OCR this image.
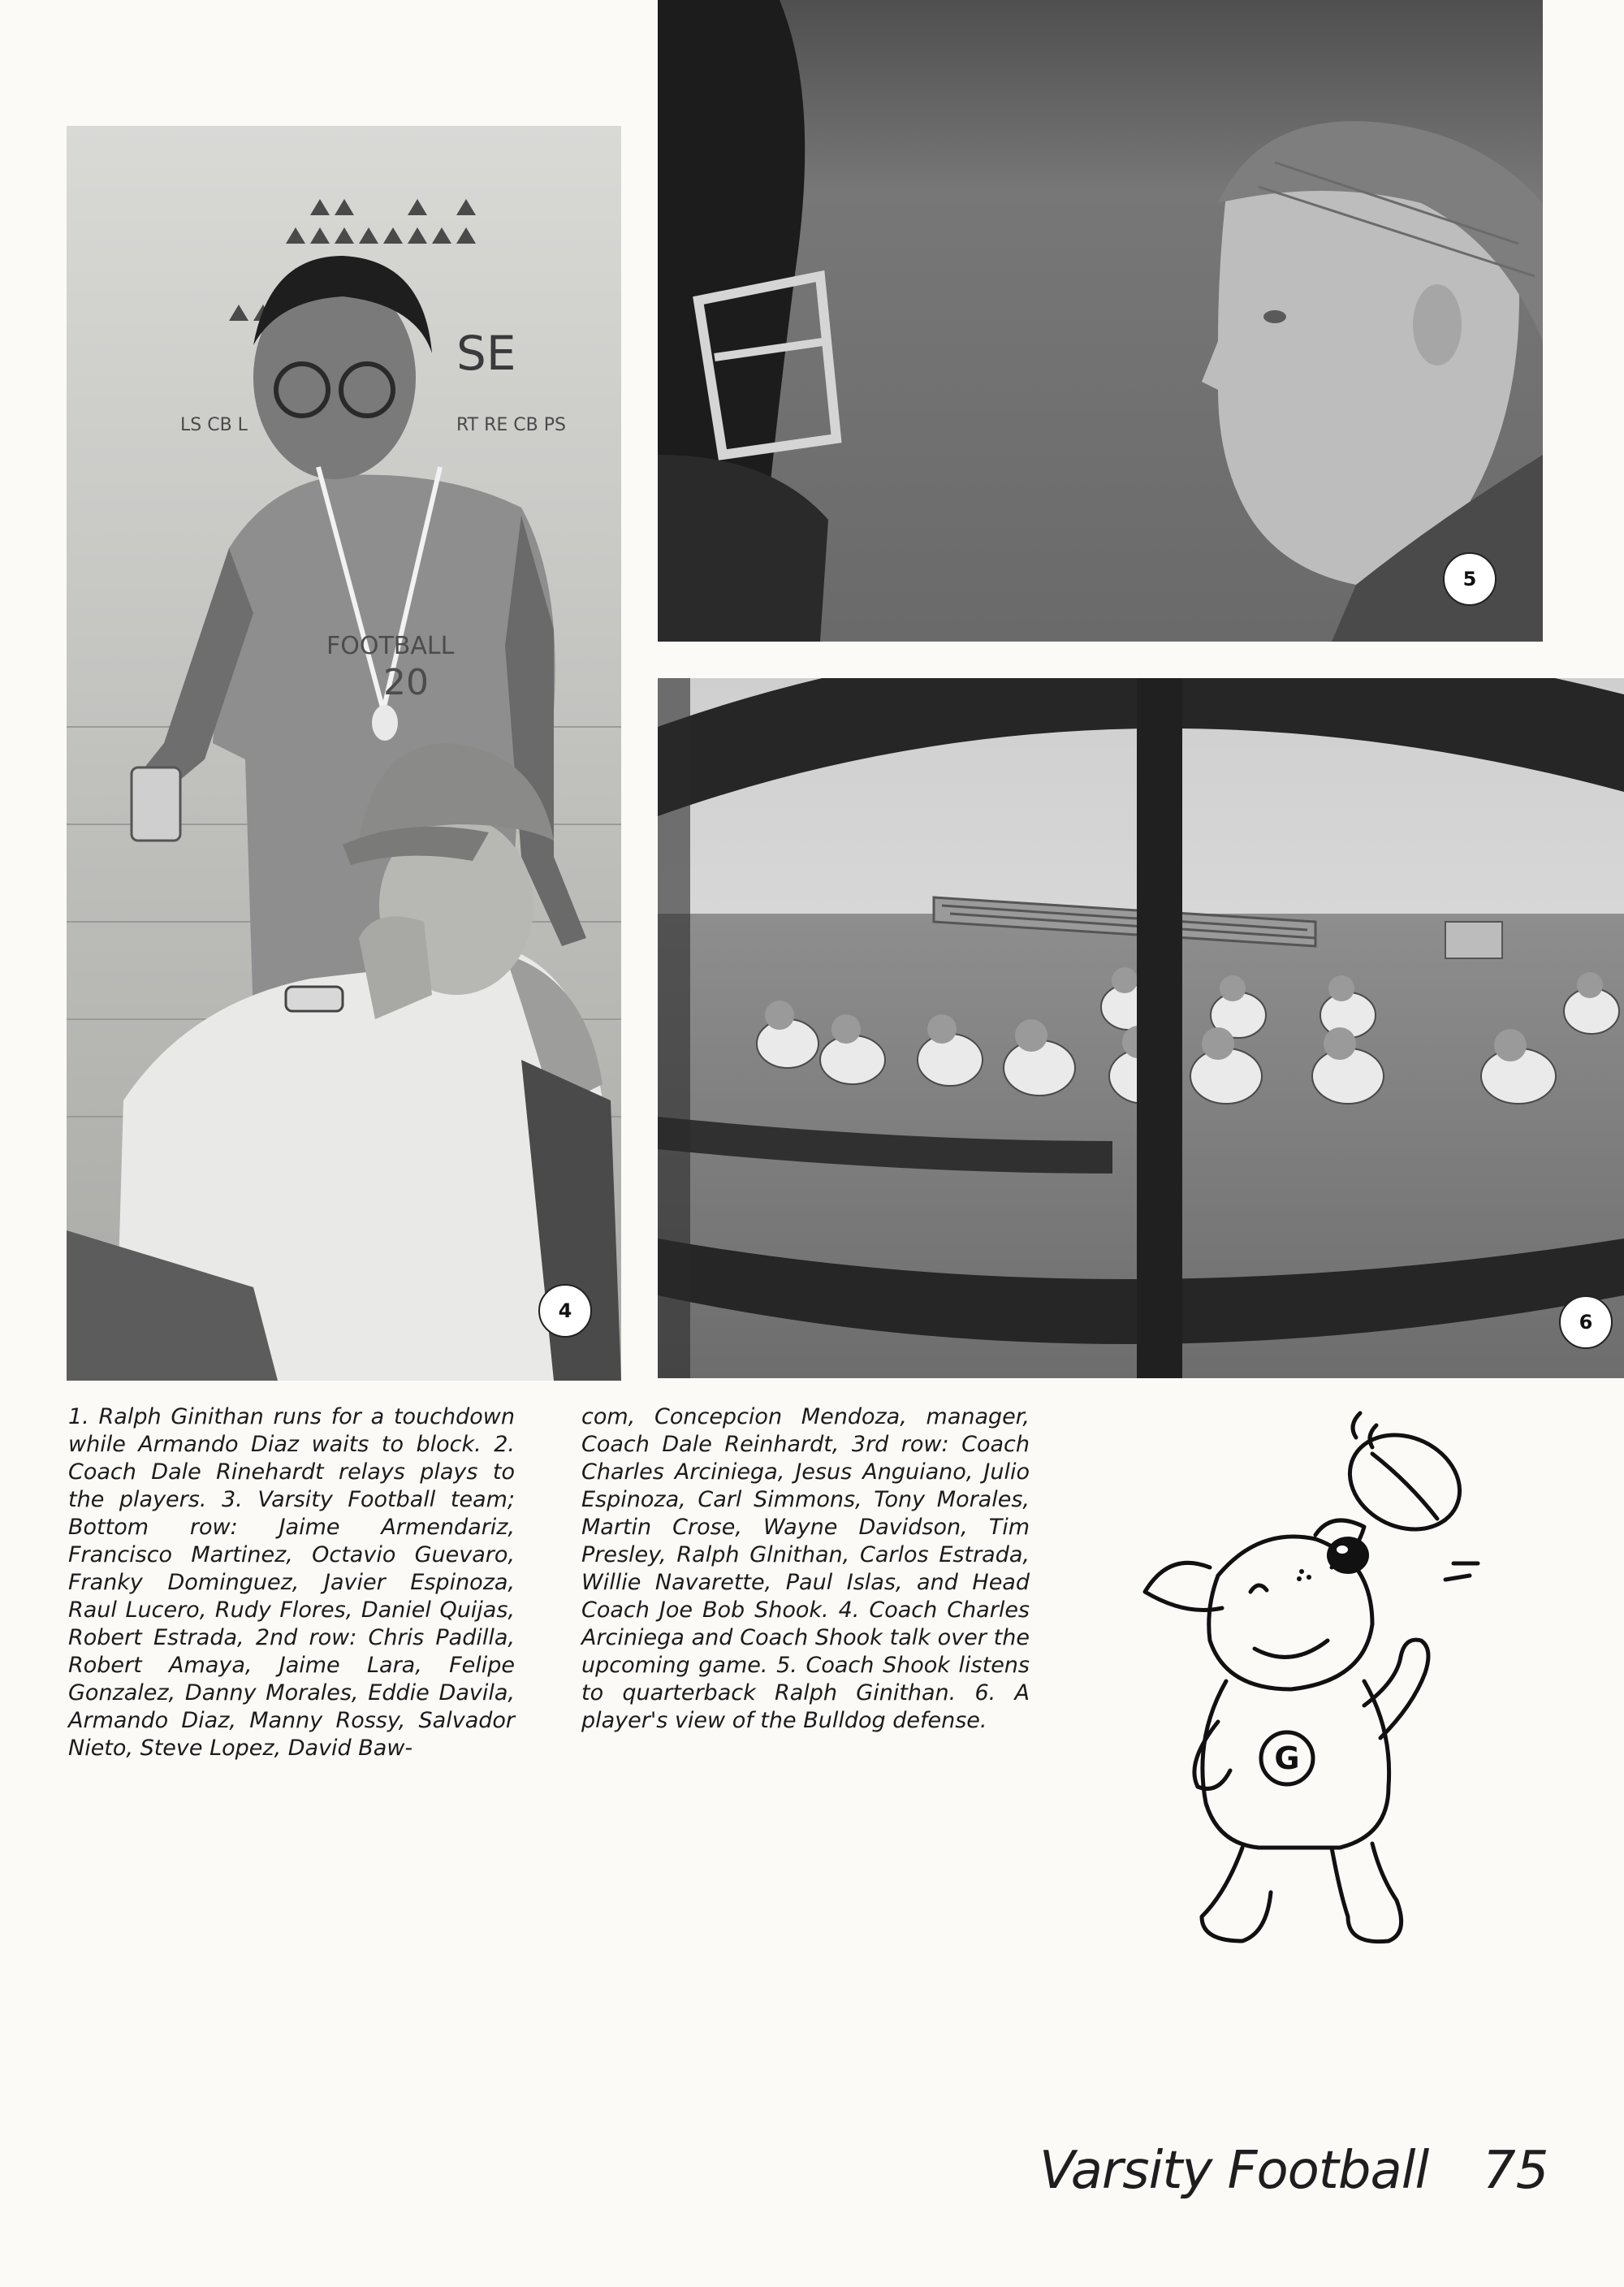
SE
LS CB L	RT RE CB PS
FOOTBALL
20
4
5
6
1. Ralph Ginithan runs for a touchdown while Armando Diaz waits to block. 2. Coach Dale Rinehardt relays plays to the players. 3. Varsity Football team; Bottom row: Jaime Armendariz, Francisco Martinez, Octavio Guevaro, Franky Dominguez, Javier Espinoza, Raul Lucero, Rudy Flores, Daniel Quijas, Robert Estrada, 2nd row: Chris Padilla, Robert Amaya, Jaime Lara, Felipe Gonzalez, Danny Morales, Eddie Davila, Armando Diaz, Manny Rossy, Salvador Nieto, Steve Lopez, David Baw-
com, Concepcion Mendoza, manager, Coach Dale Reinhardt, 3rd row: Coach Charles Arciniega, Jesus Anguiano, Julio Espinoza, Carl Simmons, Tony Morales, Martin Crose, Wayne Davidson, Tim Presley, Ralph Glnithan, Carlos Estrada, Willie Navarette, Paul Islas, and Head Coach Joe Bob Shook. 4. Coach Charles Arciniega and Coach Shook talk over the upcoming game. 5. Coach Shook listens to quarterback Ralph Ginithan. 6. A player's view of the Bulldog defense.
G
Varsity Football 75
